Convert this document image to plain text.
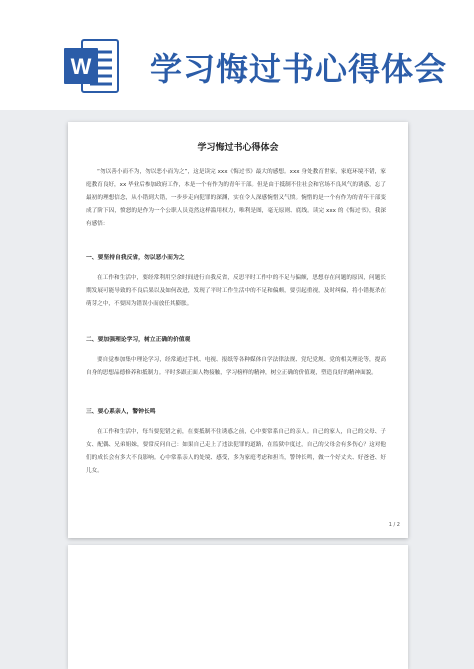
W 学习悔过书心得体会
学习悔过书心得体会

“勿以善小而不为，勿以恶小而为之”，这是读完 xxx《悔过书》最大的感想。xxx 身处教育世家，家庭环境不错，家庭教育良好，xx 毕业后参加政府工作，本是一个有作为的青年干部。但是由于抵制不住社会和官场不良风气的诱惑，忘了最初的理想信念，从小错到大错，一步步走向犯罪的深渊，实在令人深感惋惜又气愤。惋惜的是一个有作为的青年干部变成了阶下囚，愤怒的是作为一个公职人员竟然这样滥用权力，唯利是图，毫无原则、底线。读完 xxx 的《悔过书》，我深有感悟：

一、要坚持自我反省，勿以恶小而为之

在工作和生活中，要经常利用空余时间进行自我反省，反思平时工作中的不足与偏颇，思想存在问题的原因，问题长期发展可能导致的不良后果以及如何改进，发现了平时工作生活中的不足和偏颇，要引起重视，及时纠偏，将小错扼杀在萌芽之中，不要因为错误小而放任其膨胀。

二、要加强理论学习，树立正确的价值观

要自觉参加集中理论学习，经常通过手机、电视、报纸等各种媒体自学法律法规、党纪党规、党的相关理论等，提高自身的思想品德修养和抵制力。平时多跟正面人物接触，学习榜样的精神，树立正确的价值观，塑造良好的精神面貌。

三、要心系亲人，警钟长鸣

在工作和生活中，每当要犯错之前，在要抵制不住诱惑之前，心中要常系自己的亲人。自己的家人，自己的父母、子女、配偶、兄弟姐妹，要常反问自己：如果自己走上了违法犯罪的道路，在监狱中度过，自己的父母会有多伤心？这对他们的成长会有多大不良影响。心中常系亲人的处境、感受，多为家庭考虑和担当，警钟长鸣，做一个好丈夫、好爸爸、好儿女。

1 / 2
